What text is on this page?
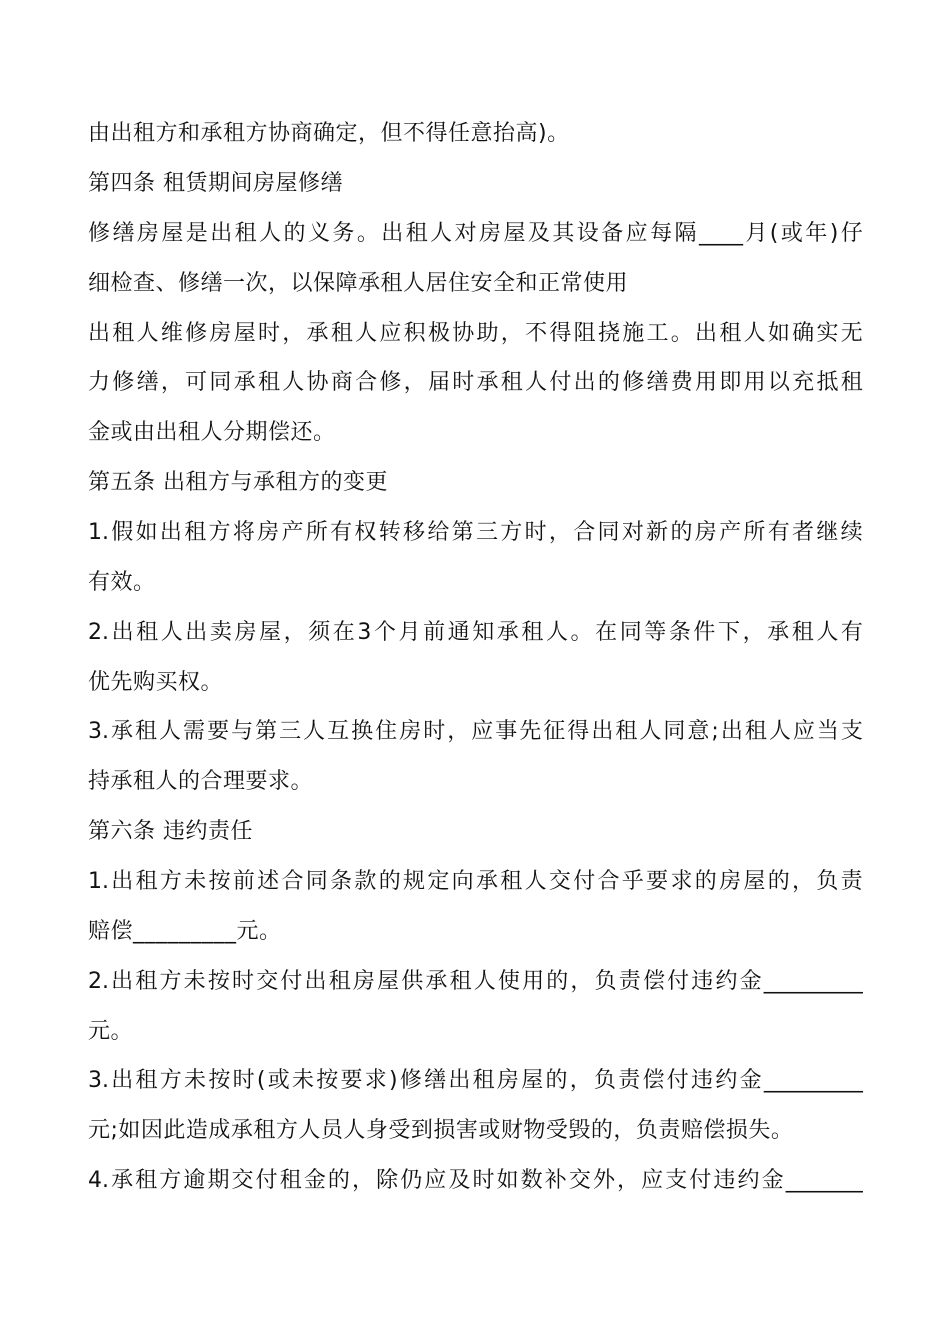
由出租方和承租方协商确定，但不得任意抬高)。
第四条 租赁期间房屋修缮
修 缮 房 屋 是 出 租 人 的 义 务 。 出 租 人 对 房 屋 及 其 设 备 应 每 隔 ____ 月 ( 或 年 ) 仔
细检查、修缮一次，以保障承租人居住安全和正常使用
出 租 人 维 修 房 屋 时 ， 承 租 人 应 积 极 协 助 ， 不 得 阻 挠 施 工 。 出 租 人 如 确 实 无
力 修 缮 ， 可 同 承 租 人 协 商 合 修 ， 届 时 承 租 人 付 出 的 修 缮 费 用 即 用 以 充 抵 租
金或由出租人分期偿还。
第五条 出租方与承租方的变更
1. 假 如 出 租 方 将 房 产 所 有 权 转 移 给 第 三 方 时 ， 合 同 对 新 的 房 产 所 有 者 继 续
有效。
2. 出 租 人 出 卖 房 屋 ， 须 在 3 个 月 前 通 知 承 租 人 。 在 同 等 条 件 下 ， 承 租 人 有
优先购买权。
3. 承 租 人 需 要 与 第 三 人 互 换 住 房 时 ， 应 事 先 征 得 出 租 人 同 意 ; 出 租 人 应 当 支
持承租人的合理要求。
第六条 违约责任
1. 出 租 方 未 按 前 述 合 同 条 款 的 规 定 向 承 租 人 交 付 合 乎 要 求 的 房 屋 的 ， 负 责
赔偿_________元。
2. 出 租 方 未 按 时 交 付 出 租 房 屋 供 承 租 人 使 用 的 ， 负 责 偿 付 违 约 金 _________
元。
3. 出 租 方 未 按 时 ( 或 未 按 要 求 ) 修 缮 出 租 房 屋 的 ， 负 责 偿 付 违 约 金 _________
元;如因此造成承租方人员人身受到损害或财物受毁的，负责赔偿损失。
4. 承 租 方 逾 期 交 付 租 金 的 ， 除 仍 应 及 时 如 数 补 交 外 ， 应 支 付 违 约 金 _______
